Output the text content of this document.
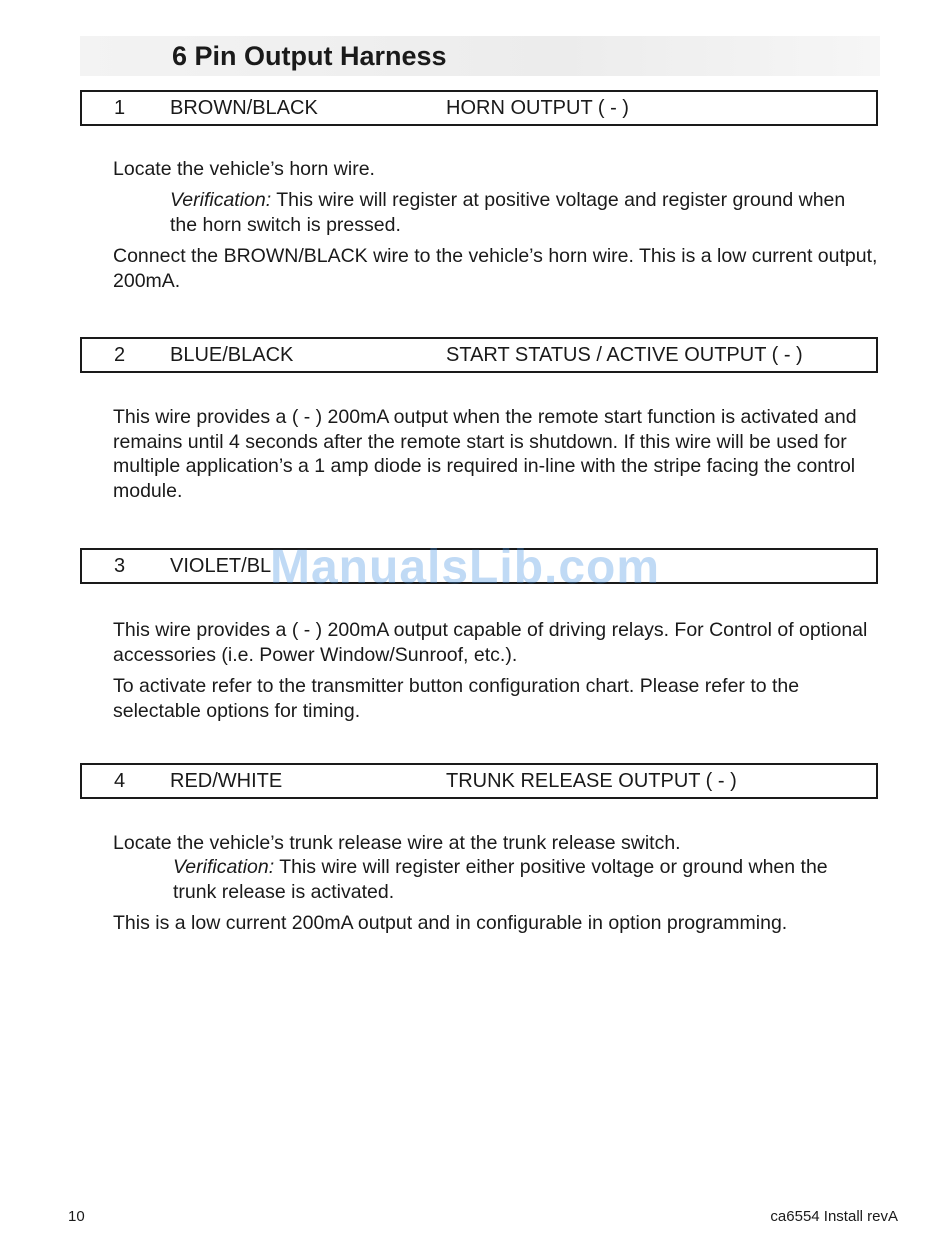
6 Pin Output Harness
1 BROWN/BLACK	HORN OUTPUT ( - )

Locate the vehicle’s horn wire.

Verification: This wire will register at positive voltage and register ground when the horn switch is pressed.

Connect the BROWN/BLACK wire to the vehicle’s horn wire. This is a low current output, 200mA.

2 BLUE/BLACK	START STATUS / ACTIVE OUTPUT ( - )

This wire provides a ( - ) 200mA output when the remote start function is activated and remains until 4 seconds after the remote start is shutdown. If this wire will be used for multiple application’s a 1 amp diode is required in-line with the stripe facing the control module.

3 VIOLET/BL
ManualsLib.com

This wire provides a ( - ) 200mA output capable of driving relays. For Control of optional accessories (i.e. Power Window/Sunroof, etc.).

To activate refer to the transmitter button configuration chart. Please refer to the selectable options for timing.

4 RED/WHITE	TRUNK RELEASE OUTPUT ( - )

Locate the vehicle’s trunk release wire at the trunk release switch.

Verification: This wire will register either positive voltage or ground when the trunk release is activated.

This is a low current 200mA output and in configurable in option programming.

10	ca6554 Install revA
